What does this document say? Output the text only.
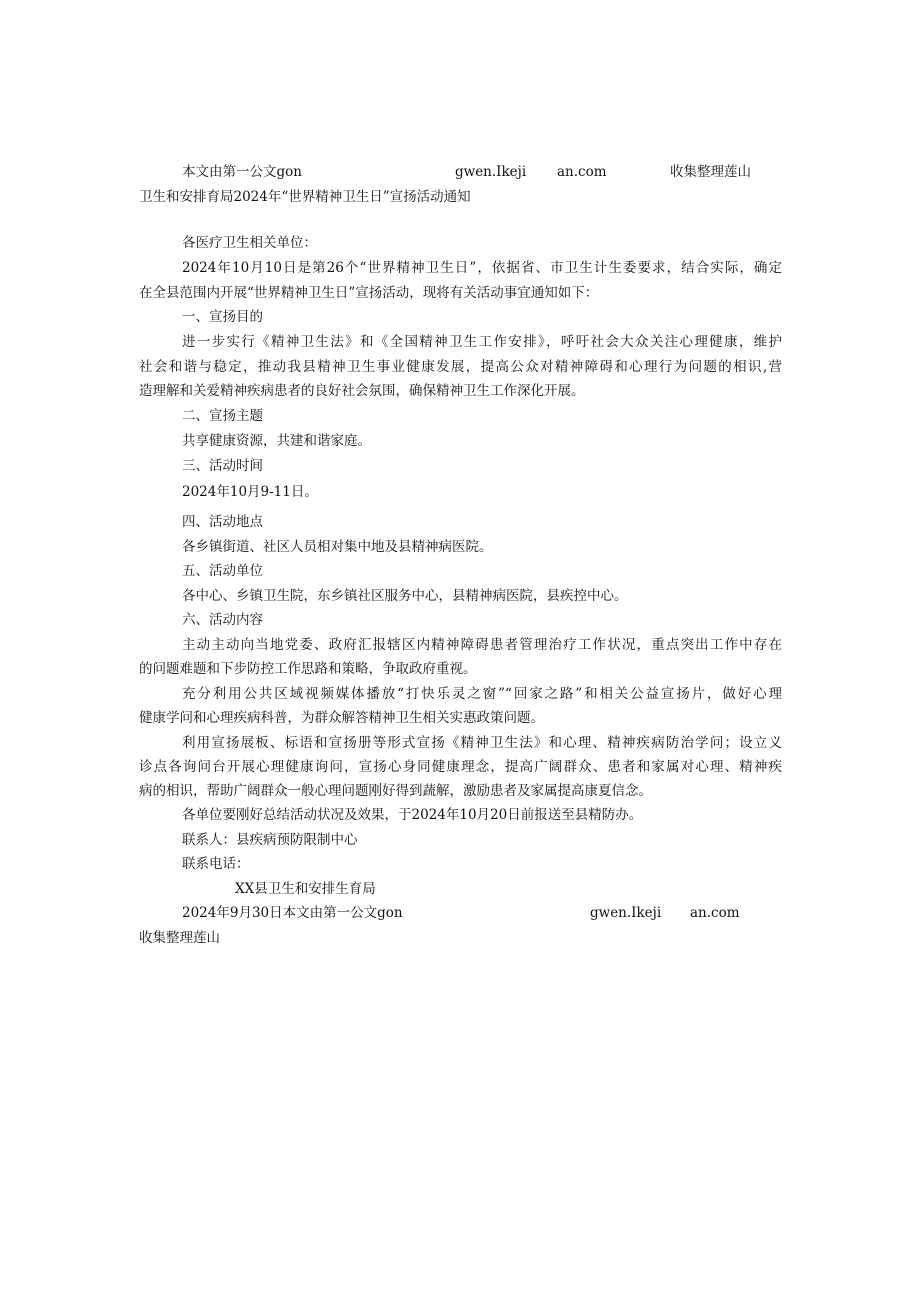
本文由第一公文gon	gwen.Ikeji an.com	收集整理莲山
卫生和安排育局2024年“世界精神卫生日”宣扬活动通知
各医疗卫生相关单位：
2024年10月10日是第26个“世界精神卫生日”，依据省、市卫生计生委要求，结合实际，确定
在全县范围内开展“世界精神卫生日”宣扬活动，现将有关活动事宜通知如下：
一、宣扬目的
进一步实行《精神卫生法》和《全国精神卫生工作安排》，呼吁社会大众关注心理健康，维护
社会和谐与稳定，推动我县精神卫生事业健康发展，提高公众对精神障碍和心理行为问题的相识,营
造理解和关爱精神疾病患者的良好社会氛围，确保精神卫生工作深化开展。
二、宣扬主题
共享健康资源，共建和谐家庭。
三、活动时间
2024年10月9-11日。
四、活动地点
各乡镇街道、社区人员相对集中地及县精神病医院。
五、活动单位
各中心、乡镇卫生院，东乡镇社区服务中心，县精神病医院，县疾控中心。
六、活动内容
主动主动向当地党委、政府汇报辖区内精神障碍患者管理治疗工作状况，重点突出工作中存在
的问题难题和下步防控工作思路和策略，争取政府重视。
充分利用公共区域视频媒体播放“打快乐灵之窗”“回家之路”和相关公益宣扬片，做好心理
健康学问和心理疾病科普，为群众解答精神卫生相关实惠政策问题。
利用宣扬展板、标语和宣扬册等形式宣扬《精神卫生法》和心理、精神疾病防治学问；设立义
诊点各询问台开展心理健康询问，宣扬心身同健康理念，提高广阔群众、患者和家属对心理、精神疾
病的相识，帮助广阔群众一般心理问题刚好得到蔬解，激励患者及家属提高康夏信念。
各单位要刚好总结活动状况及效果，于2024年10月20日前报送至县精防办。
联系人：县疾病预防限制中心
联系电话：
XX县卫生和安排生育局
2024年9月30日本文由第一公文gon	gwen.Ikeji an.com
收集整理莲山
